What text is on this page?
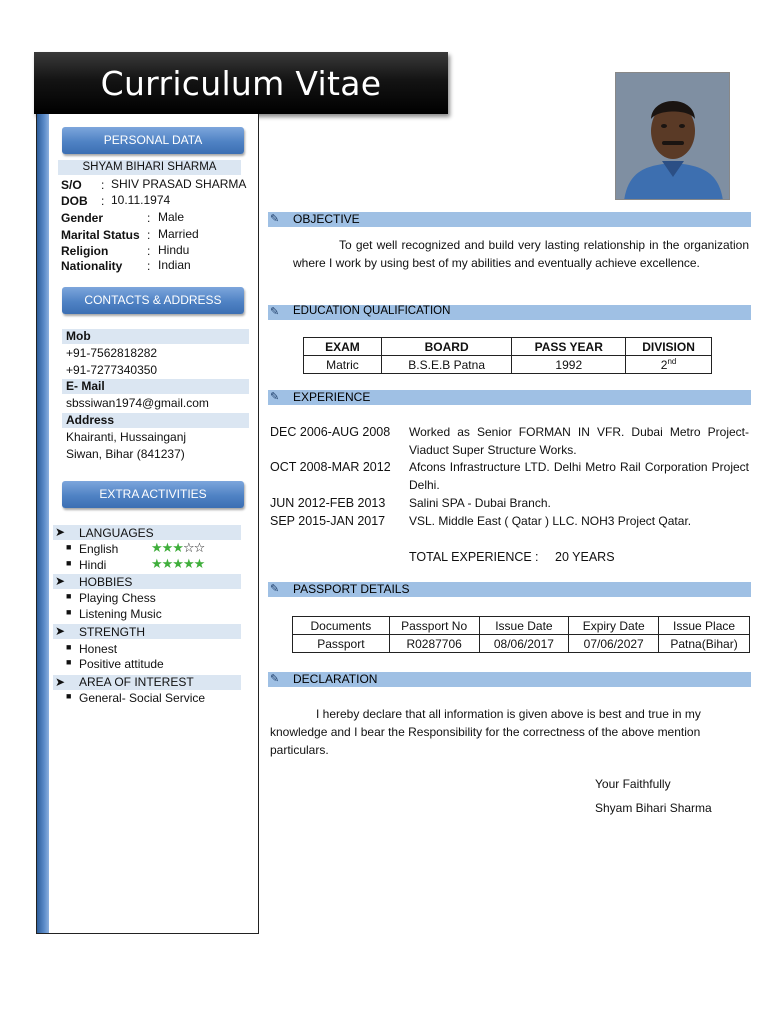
Curriculum Vitae
PERSONAL DATA
SHYAM BIHARI SHARMA
S/O : SHIV PRASAD SHARMA
DOB : 10.11.1974
Gender	: Male
Marital Status : Married
Religion	: Hindu
Nationality : Indian
CONTACTS & ADDRESS
Mob
+91-7562818282
+91-7277340350
E- Mail
sbssiwan1974@gmail.com
Address
Khairanti, Hussainganj
Siwan, Bihar (841237)
EXTRA ACTIVITIES
➤ LANGUAGES
■ English	★★★☆☆
■ Hindi	★★★★★
➤ HOBBIES
■ Playing Chess
■ Listening Music
➤ STRENGTH
■ Honest
■ Positive attitude
➤ AREA OF INTEREST
■ General- Social Service
✎ OBJECTIVE
To get well recognized and build very lasting relationship in the organization where I work by using best of my abilities and eventually achieve excellence.
✎ EDUCATION QUALIFICATION
EXAM	BOARD	PASS YEAR	DIVISION
Matric	B.S.E.B Patna	1992	2nd
✎ EXPERIENCE
DEC 2006-AUG 2008 Worked as Senior FORMAN IN VFR. Dubai Metro Project- Viaduct Super Structure Works.
OCT 2008-MAR 2012 Afcons Infrastructure LTD. Delhi Metro Rail Corporation Project Delhi.
JUN 2012-FEB 2013 Salini SPA - Dubai Branch.
SEP 2015-JAN 2017 VSL. Middle East ( Qatar ) LLC. NOH3 Project Qatar.
TOTAL EXPERIENCE : 20 YEARS
✎ PASSPORT DETAILS
Documents	Passport No	Issue Date	Expiry Date	Issue Place
Passport	R0287706	08/06/2017	07/06/2027	Patna(Bihar)
✎ DECLARATION
I hereby declare that all information is given above is best and true in my knowledge and I bear the Responsibility for the correctness of the above mention particulars.
Your Faithfully
Shyam Bihari Sharma
